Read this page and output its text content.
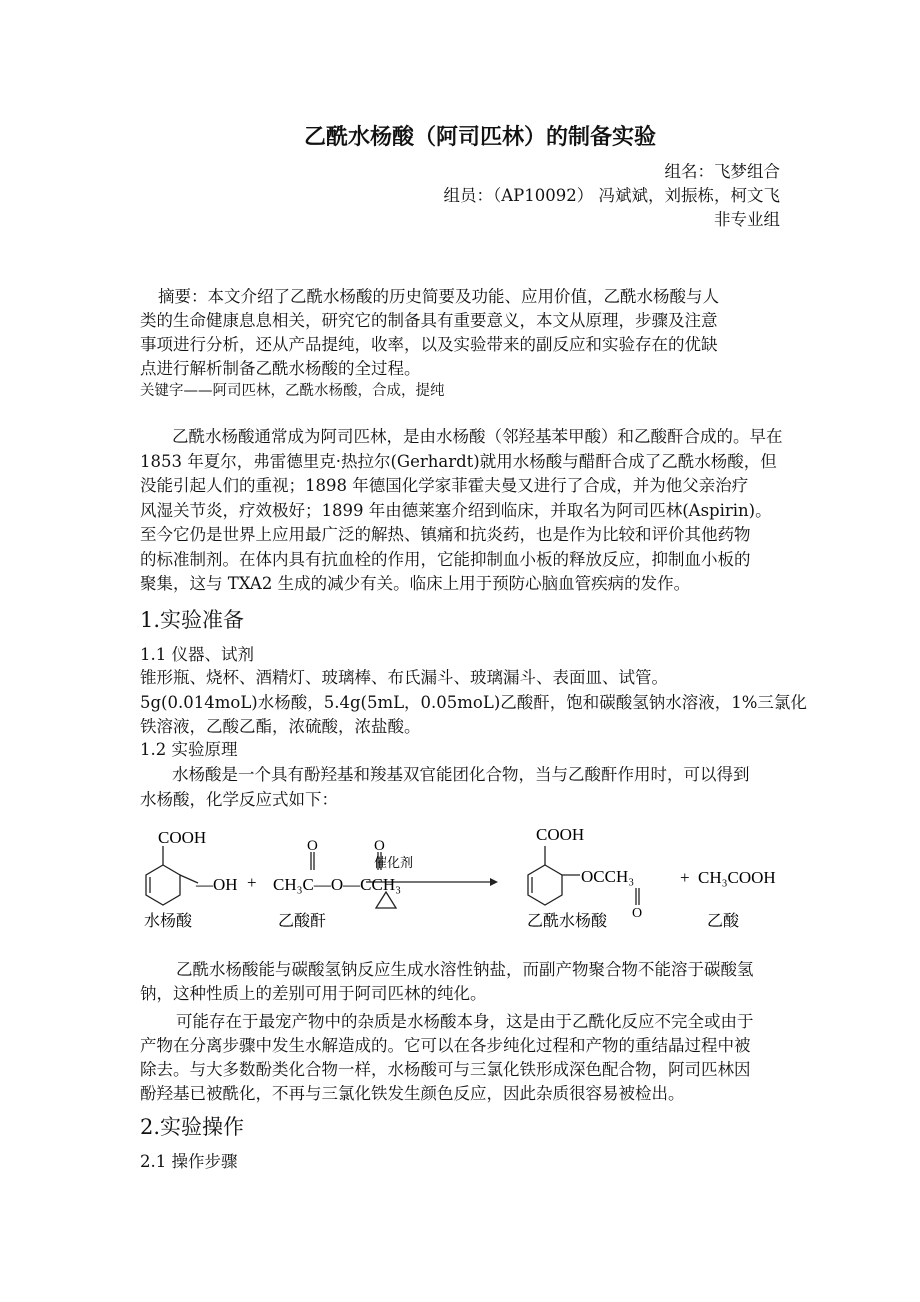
乙酰水杨酸（阿司匹林）的制备实验
组名：飞梦组合
组员：（AP10092） 冯斌斌，刘振栋，柯文飞
非专业组
摘要：本文介绍了乙酰水杨酸的历史简要及功能、应用价值，乙酰水杨酸与人
类的生命健康息息相关，研究它的制备具有重要意义，本文从原理，步骤及注意
事项进行分析，还从产品提纯，收率，以及实验带来的副反应和实验存在的优缺
点进行解析制备乙酰水杨酸的全过程。
关键字——阿司匹林，乙酰水杨酸，合成，提纯
乙酰水杨酸通常成为阿司匹林，是由水杨酸（邻羟基苯甲酸）和乙酸酐合成的。早在
1853 年夏尔，弗雷德里克·热拉尔(Gerhardt)就用水杨酸与醋酐合成了乙酰水杨酸，但
没能引起人们的重视；1898 年德国化学家菲霍夫曼又进行了合成，并为他父亲治疗
风湿关节炎，疗效极好；1899 年由德莱塞介绍到临床，并取名为阿司匹林(Aspirin)。
至今它仍是世界上应用最广泛的解热、镇痛和抗炎药，也是作为比较和评价其他药物
的标准制剂。在体内具有抗血栓的作用，它能抑制血小板的释放反应，抑制血小板的
聚集，这与 TXA2 生成的减少有关。临床上用于预防心脑血管疾病的发作。
1.实验准备
1.1 仪器、试剂
锥形瓶、烧杯、酒精灯、玻璃棒、布氏漏斗、玻璃漏斗、表面皿、试管。
5g(0.014moL)水杨酸，5.4g(5mL，0.05moL)乙酸酐，饱和碳酸氢钠水溶液，1%三氯化
铁溶液，乙酸乙酯，浓硫酸，浓盐酸。
1.2 实验原理
水杨酸是一个具有酚羟基和羧基双官能团化合物，当与乙酸酐作用时，可以得到
水杨酸，化学反应式如下：
COOH
—OH + CH₃C—O—CCH₃
O	O
催化剂
COOH
OCCH₃
O
+ CH₃COOH
水杨酸	乙酸酐	乙酰水杨酸	乙酸
乙酰水杨酸能与碳酸氢钠反应生成水溶性钠盐，而副产物聚合物不能溶于碳酸氢
钠，这种性质上的差别可用于阿司匹林的纯化。
可能存在于最宠产物中的杂质是水杨酸本身，这是由于乙酰化反应不完全或由于
产物在分离步骤中发生水解造成的。它可以在各步纯化过程和产物的重结晶过程中被
除去。与大多数酚类化合物一样，水杨酸可与三氯化铁形成深色配合物，阿司匹林因
酚羟基已被酰化，不再与三氯化铁发生颜色反应，因此杂质很容易被检出。
2.实验操作
2.1 操作步骤
